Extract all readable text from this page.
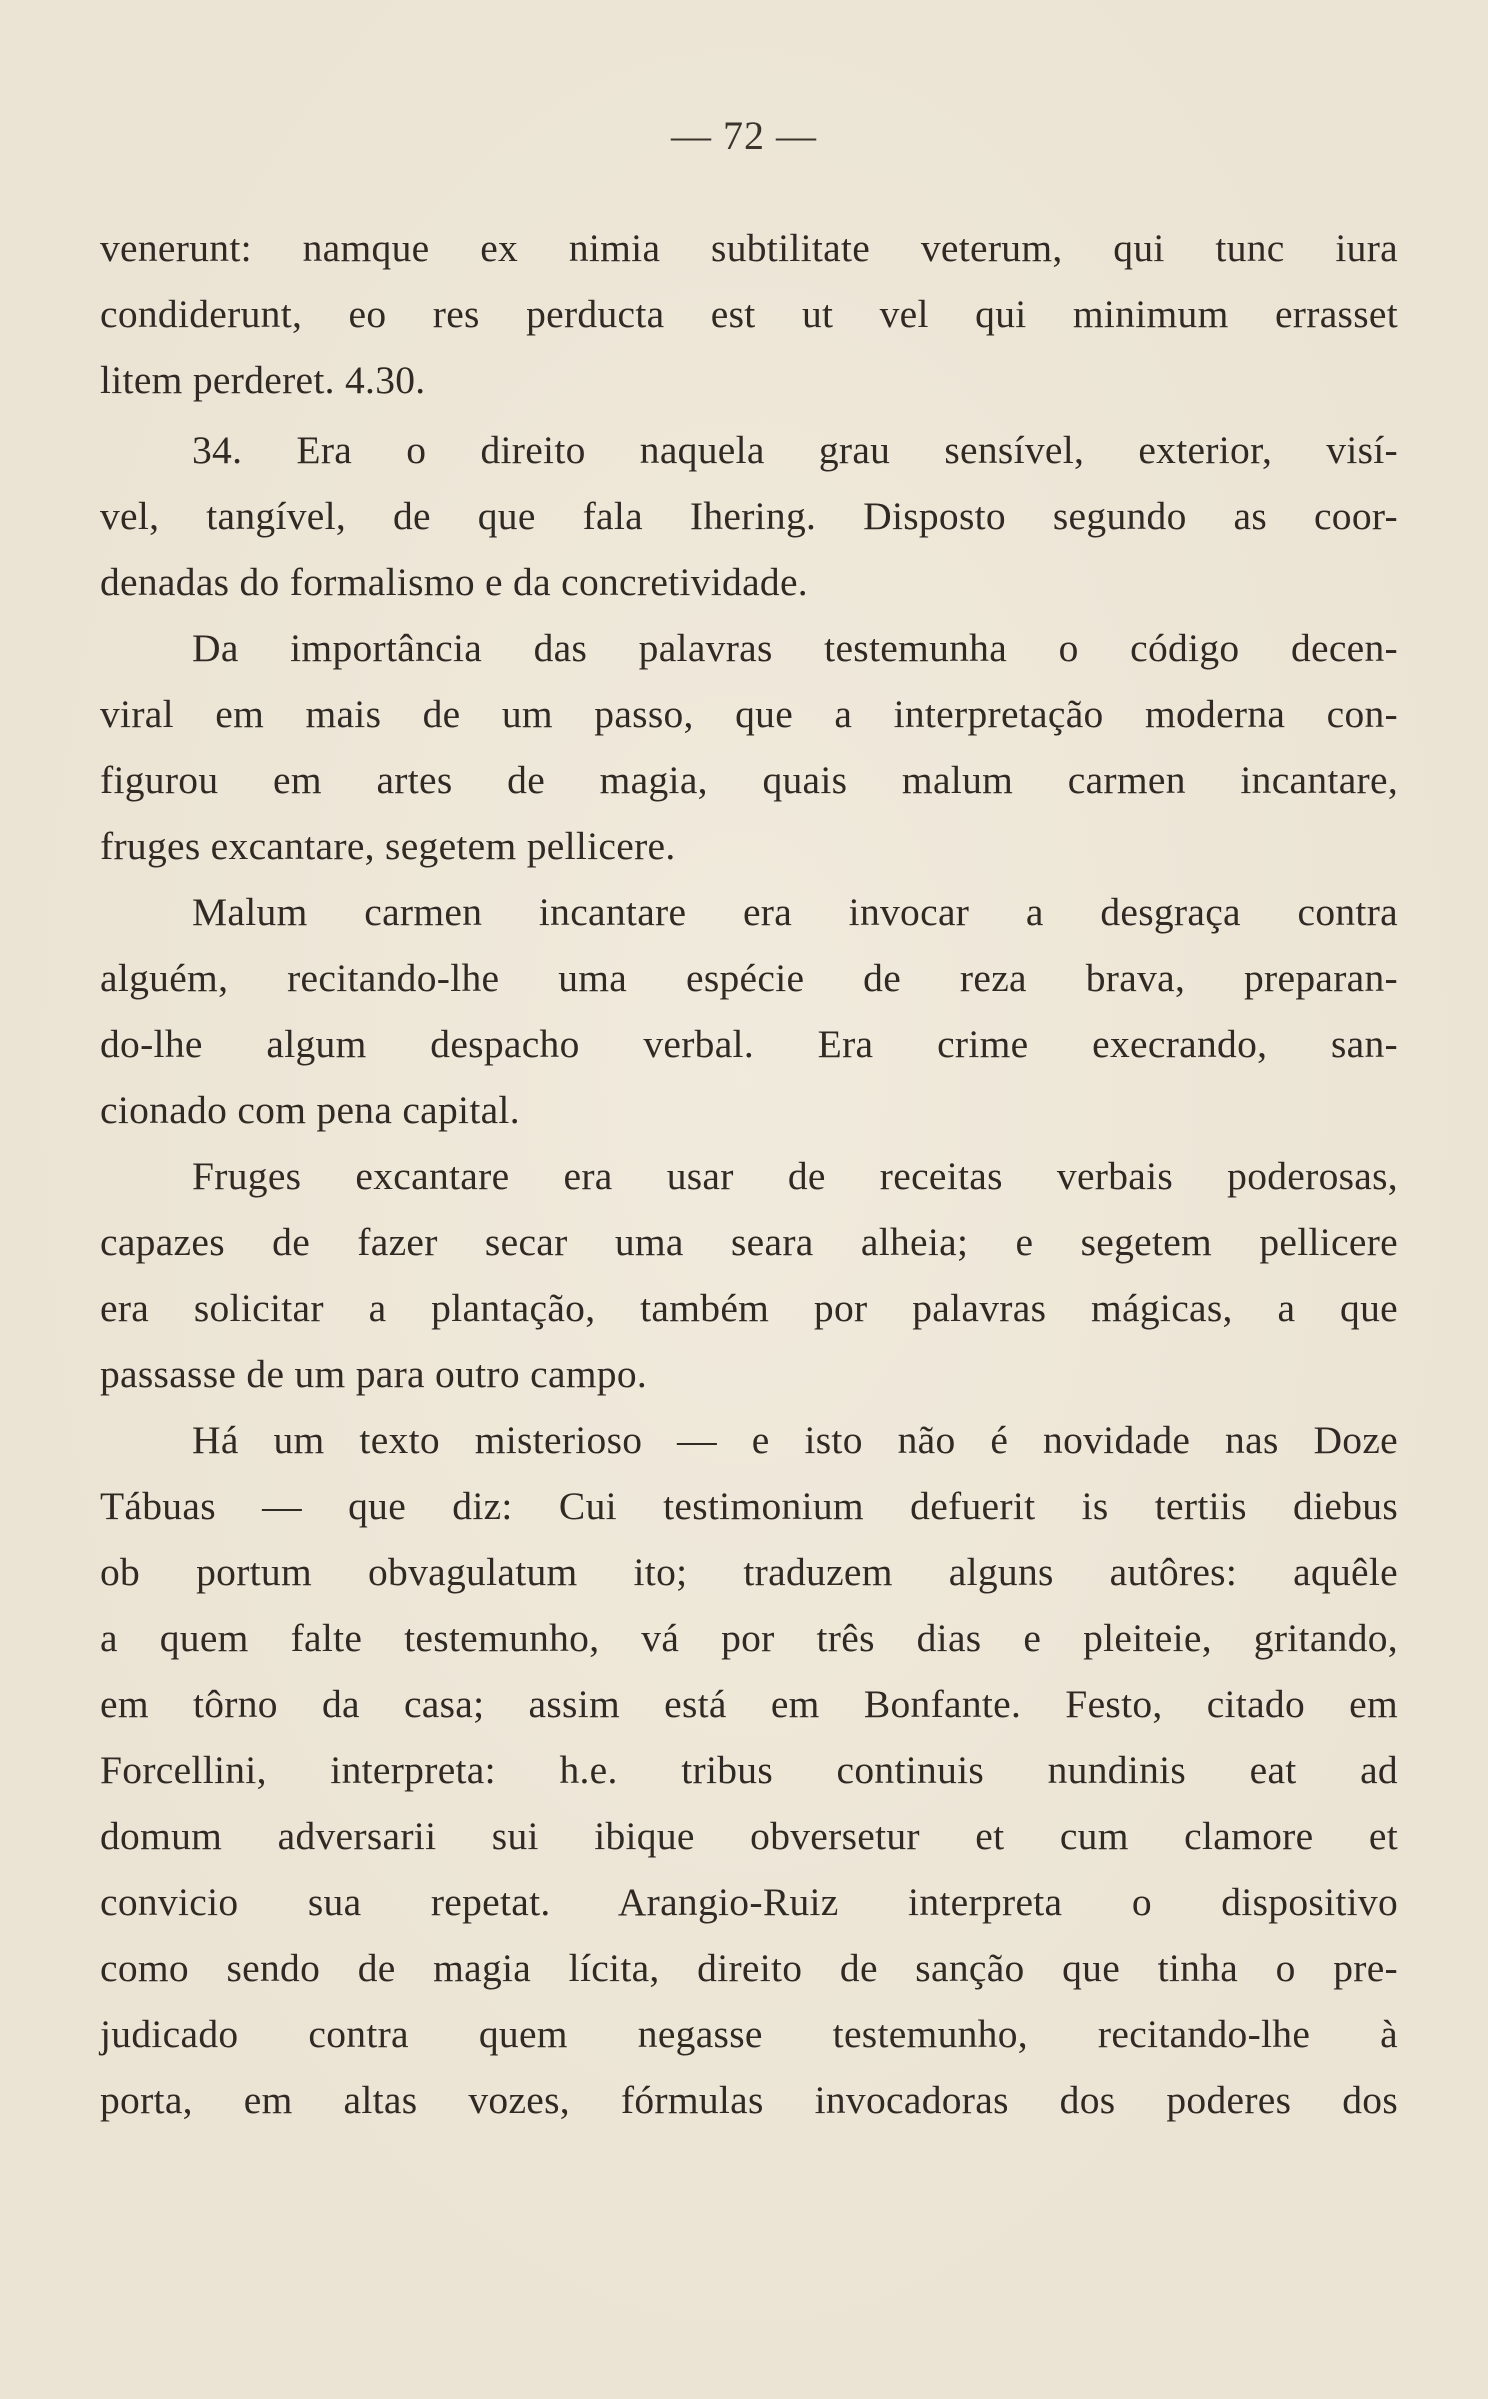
— 72 —
venerunt: namque ex nimia subtilitate veterum, qui tunc iura
condiderunt, eo res perducta est ut vel qui minimum errasset
litem perderet. 4.30.
34. Era o direito naquela grau sensível, exterior, visí-
vel, tangível, de que fala Ihering. Disposto segundo as coor-
denadas do formalismo e da concretividade.
Da importância das palavras testemunha o código decen-
viral em mais de um passo, que a interpretação moderna con-
figurou em artes de magia, quais malum carmen incantare,
fruges excantare, segetem pellicere.
Malum carmen incantare era invocar a desgraça contra
alguém, recitando-lhe uma espécie de reza brava, preparan-
do-lhe algum despacho verbal. Era crime execrando, san-
cionado com pena capital.
Fruges excantare era usar de receitas verbais poderosas,
capazes de fazer secar uma seara alheia; e segetem pellicere
era solicitar a plantação, também por palavras mágicas, a que
passasse de um para outro campo.
Há um texto misterioso — e isto não é novidade nas Doze
Tábuas — que diz: Cui testimonium defuerit is tertiis diebus
ob portum obvagulatum ito; traduzem alguns autôres: aquêle
a quem falte testemunho, vá por três dias e pleiteie, gritando,
em tôrno da casa; assim está em Bonfante. Festo, citado em
Forcellini, interpreta: h.e. tribus continuis nundinis eat ad
domum adversarii sui ibique obversetur et cum clamore et
convicio sua repetat. Arangio-Ruiz interpreta o dispositivo
como sendo de magia lícita, direito de sanção que tinha o pre-
judicado contra quem negasse testemunho, recitando-lhe à
porta, em altas vozes, fórmulas invocadoras dos poderes dos
